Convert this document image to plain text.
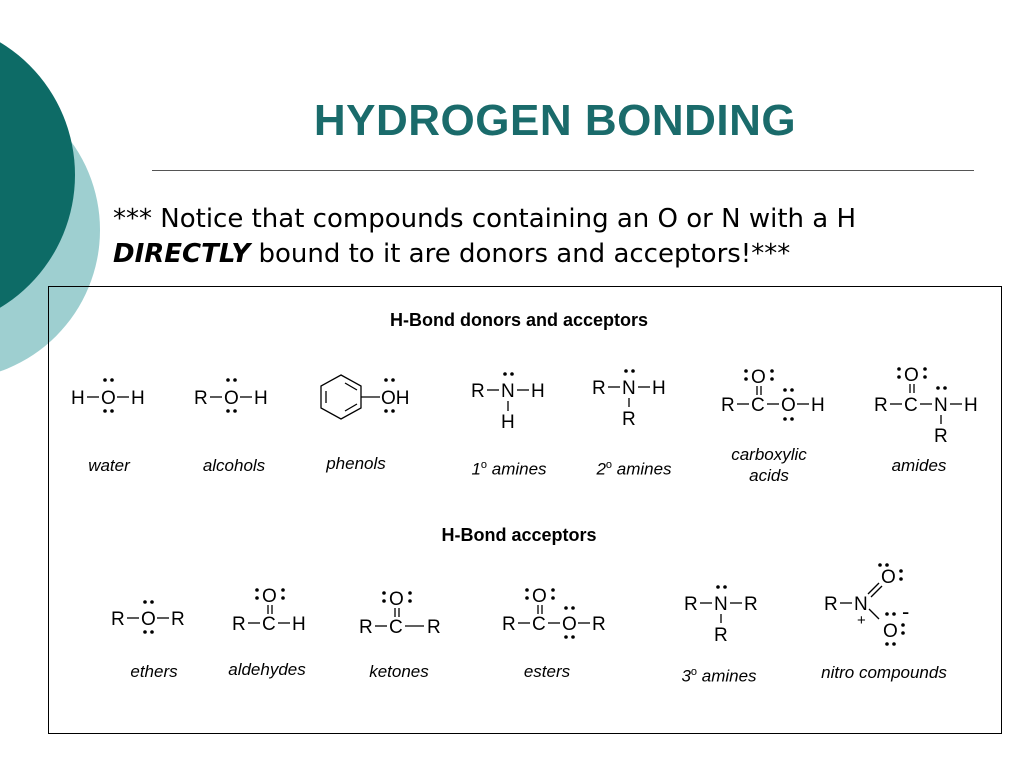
HYDROGEN BONDING
*** Notice that compounds containing an O or N with a H
DIRECTLY bound to it are donors and acceptors!***
H-Bond donors and acceptors
H-Bond acceptors
H O H	R O H	OH	R N H
H
R N H
R
O
R C O H
O
R C N H
R
R O R
O
R C H
O
R C R
O
R C O R
R N R
R
R N
O
+
O
-
water	alcohols	phenols	1$^o$ amines	2$^o$ amines
carboxylic
acids
amides
ethers	aldehydes	ketones	esters	3$^o$ amines	nitro compounds
